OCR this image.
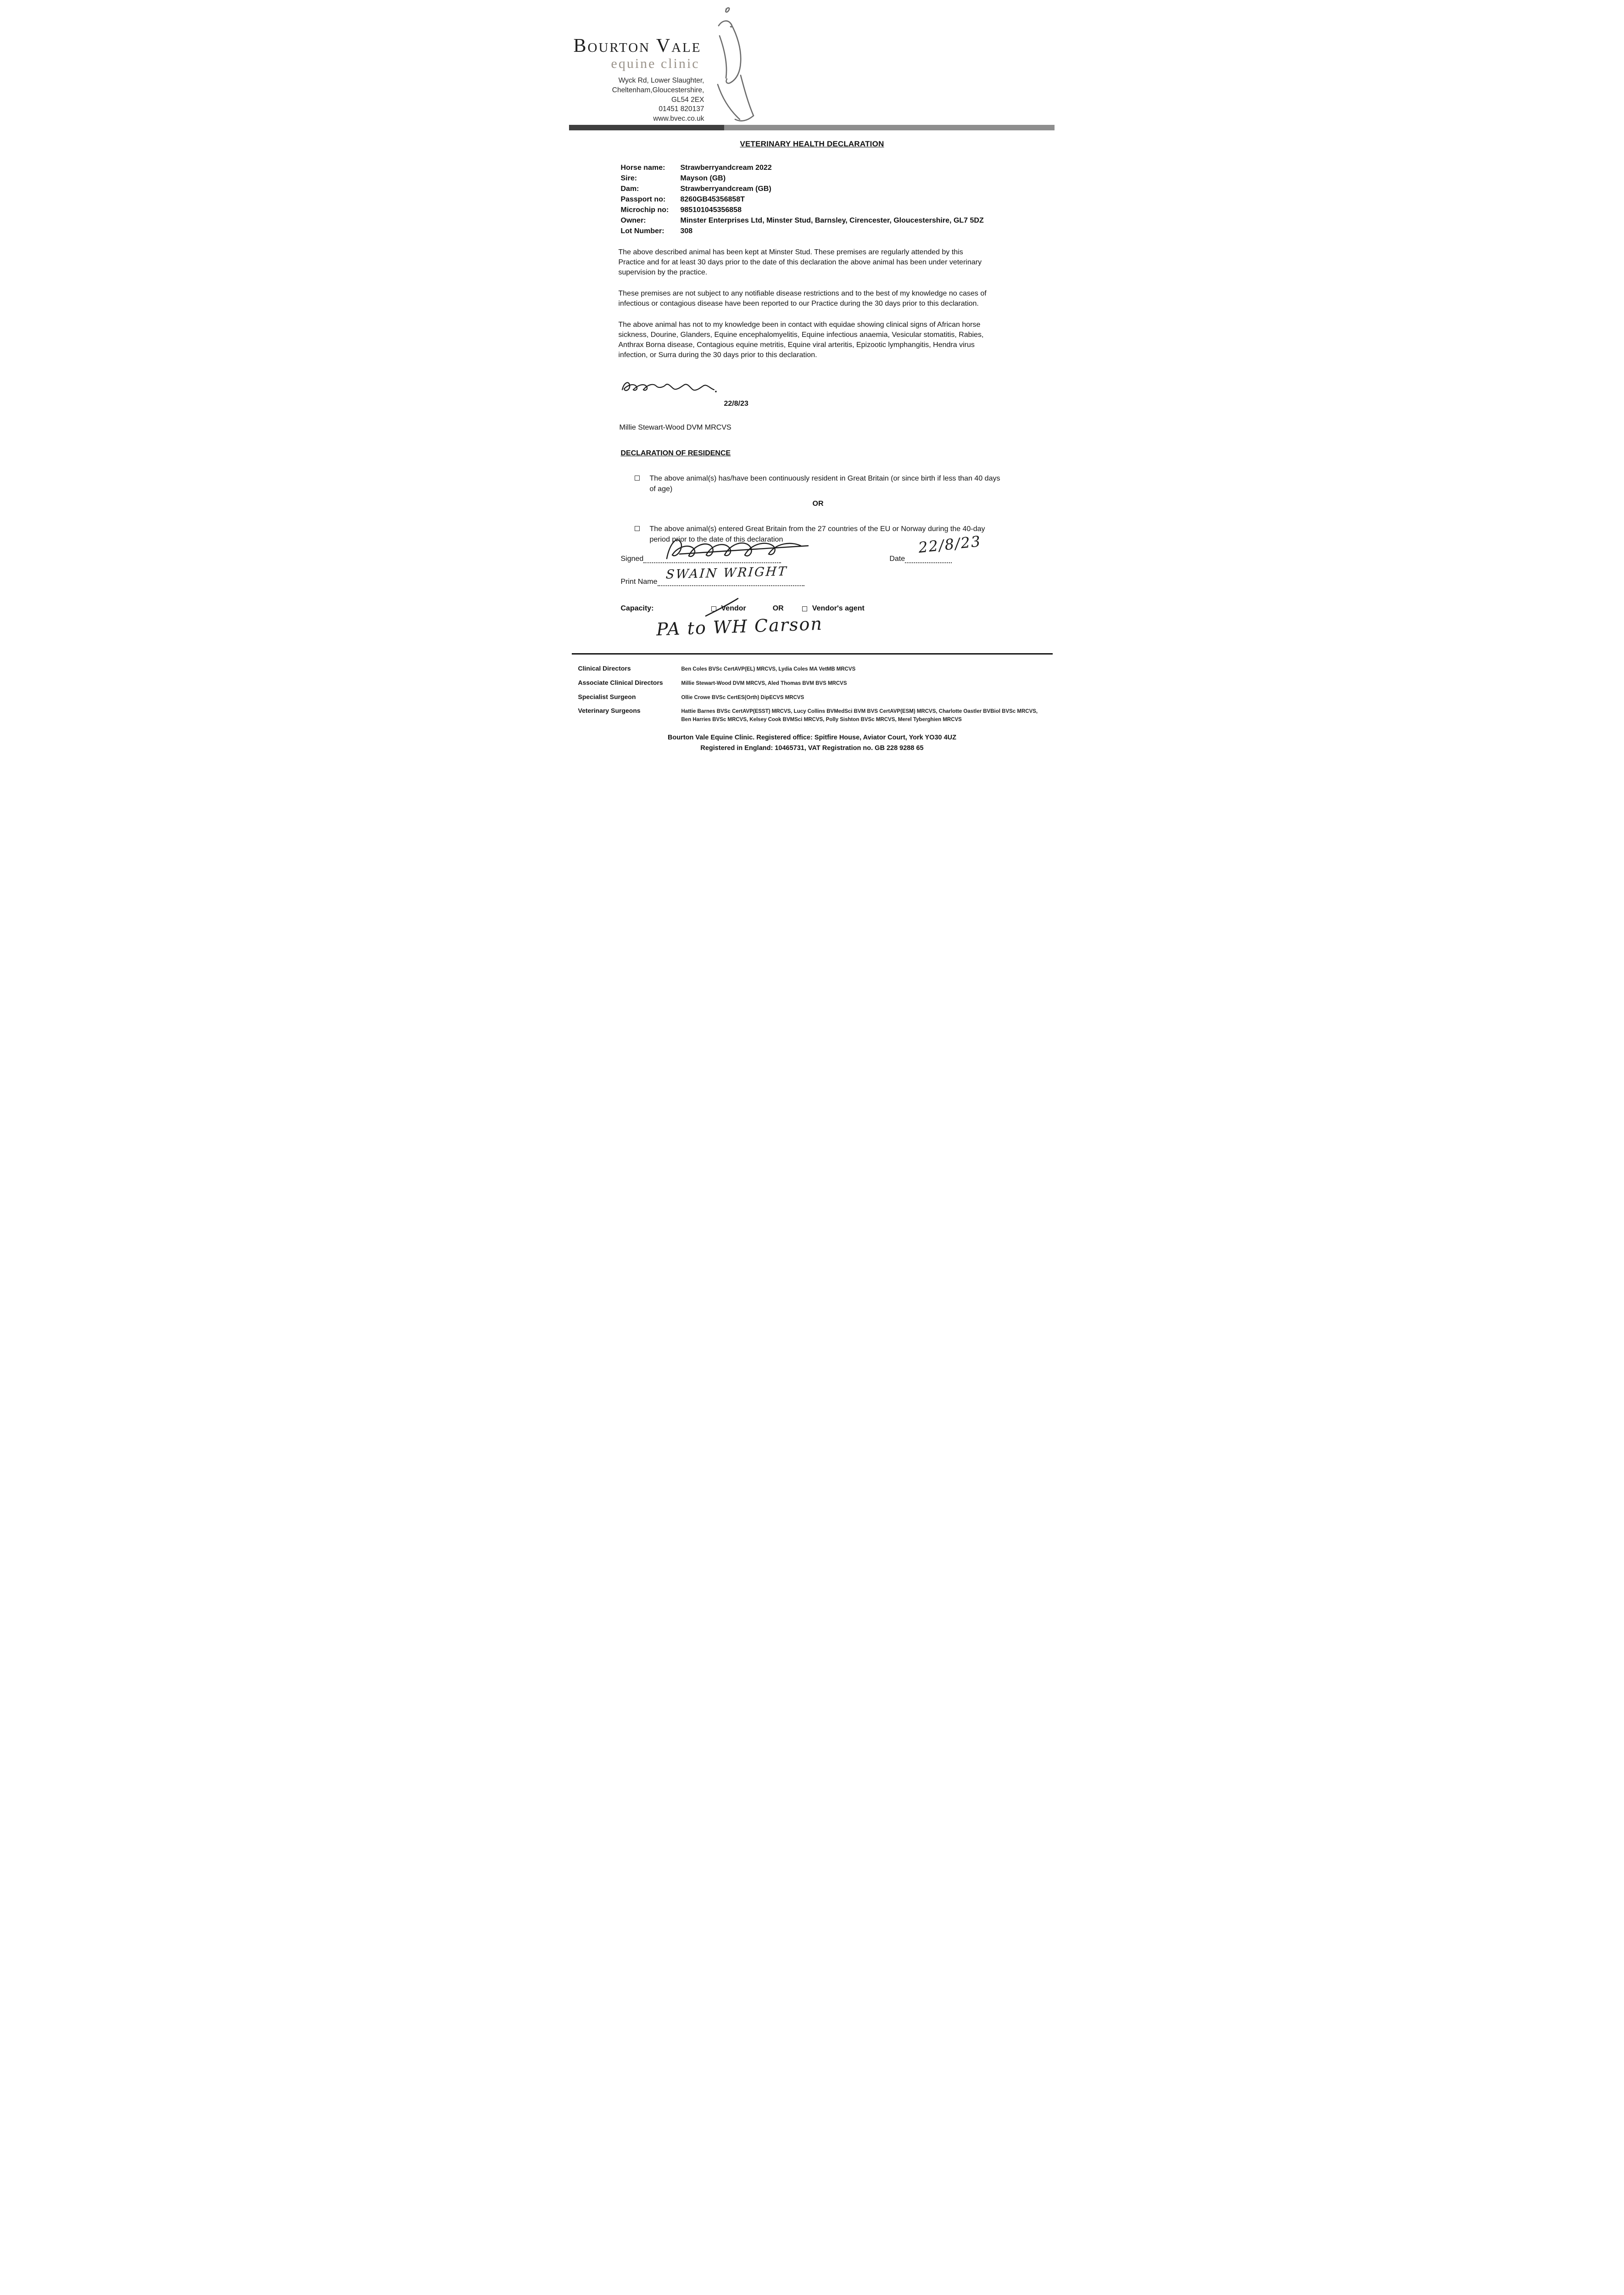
Bourton Vale
equine clinic
Wyck Rd, Lower Slaughter,
Cheltenham,Gloucestershire,
GL54 2EX
01451 820137
www.bvec.co.uk
VETERINARY HEALTH DECLARATION
Horse name:	Strawberryandcream 2022
Sire:	Mayson (GB)
Dam:	Strawberryandcream (GB)
Passport no:	8260GB45356858T
Microchip no:	985101045356858
Owner:	Minster Enterprises Ltd, Minster Stud, Barnsley, Cirencester, Gloucestershire, GL7 5DZ
Lot Number:	308

The above described animal has been kept at Minster Stud. These premises are regularly attended by this Practice and for at least 30 days prior to the date of this declaration the above animal has been under veterinary supervision by the practice.

These premises are not subject to any notifiable disease restrictions and to the best of my knowledge no cases of infectious or contagious disease have been reported to our Practice during the 30 days prior to this declaration.

The above animal has not to my knowledge been in contact with equidae showing clinical signs of African horse sickness, Dourine, Glanders, Equine encephalomyelitis, Equine infectious anaemia, Vesicular stomatitis, Rabies, Anthrax Borna disease, Contagious equine metritis, Equine viral arteritis, Epizootic lymphangitis, Hendra virus infection, or Surra during the 30 days prior to this declaration.

22/8/23
Millie Stewart-Wood DVM MRCVS
DECLARATION OF RESIDENCE
The above animal(s) has/have been continuously resident in Great Britain (or since birth if less than 40 days of age)
OR
The above animal(s) entered Great Britain from the 27 countries of the EU or Norway during the 40-day period prior to the date of this declaration	22/8/23
Signed	Date
SWAIN WRIGHT
Print Name
Capacity:	Vendor	OR	Vendor's agent
PA to WH Carson
Clinical Directors	Ben Coles BVSc CertAVP(EL) MRCVS, Lydia Coles MA VetMB MRCVS
Associate Clinical Directors	Millie Stewart-Wood DVM MRCVS, Aled Thomas BVM BVS MRCVS
Specialist Surgeon	Ollie Crowe BVSc CertES(Orth) DipECVS MRCVS
Veterinary Surgeons	Hattie Barnes BVSc CertAVP(ESST) MRCVS, Lucy Collins BVMedSci BVM BVS CertAVP(ESM) MRCVS, Charlotte Oastler BVBiol BVSc MRCVS, Ben Harries BVSc MRCVS, Kelsey Cook BVMSci MRCVS, Polly Sishton BVSc MRCVS, Merel Tyberghien MRCVS
Bourton Vale Equine Clinic. Registered office: Spitfire House, Aviator Court, York YO30 4UZ
Registered in England: 10465731, VAT Registration no. GB 228 9288 65
